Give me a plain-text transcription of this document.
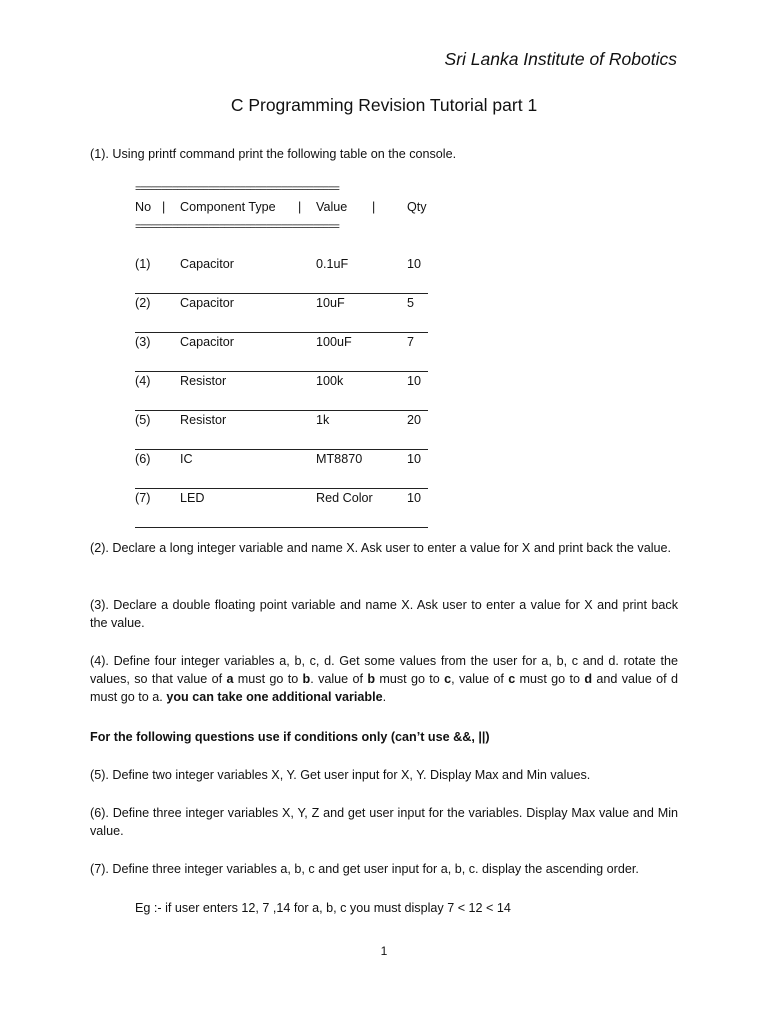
Sri Lanka Institute of Robotics
C Programming Revision Tutorial part 1

(1). Using printf command print the following table on the console.

=======================================
No | Component Type | Value |	Qty
=======================================
(1) Capacitor	0.1uF	10
(2) Capacitor	10uF	5
(3) Capacitor	100uF	7
(4) Resistor	100k	10
(5) Resistor	1k	20
(6) IC	MT8870	10
(7) LED	Red Color	10

(2). Declare a long integer variable and name X. Ask user to enter a value for X and print back the value.

(3). Declare a double floating point variable and name X. Ask user to enter a value for X and print back the value.

(4). Define four integer variables a, b, c, d. Get some values from the user for a, b, c and d. rotate the values, so that value of a must go to b. value of b must go to c, value of c must go to d and value of d must go to a. you can take one additional variable.

For the following questions use if conditions only (can’t use &&, ||)

(5). Define two integer variables X, Y. Get user input for X, Y. Display Max and Min values.

(6). Define three integer variables X, Y, Z and get user input for the variables. Display Max value and Min value.

(7). Define three integer variables a, b, c and get user input for a, b, c. display the ascending order.

Eg :- if user enters 12, 7 ,14 for a, b, c you must display 7 < 12 < 14

1
